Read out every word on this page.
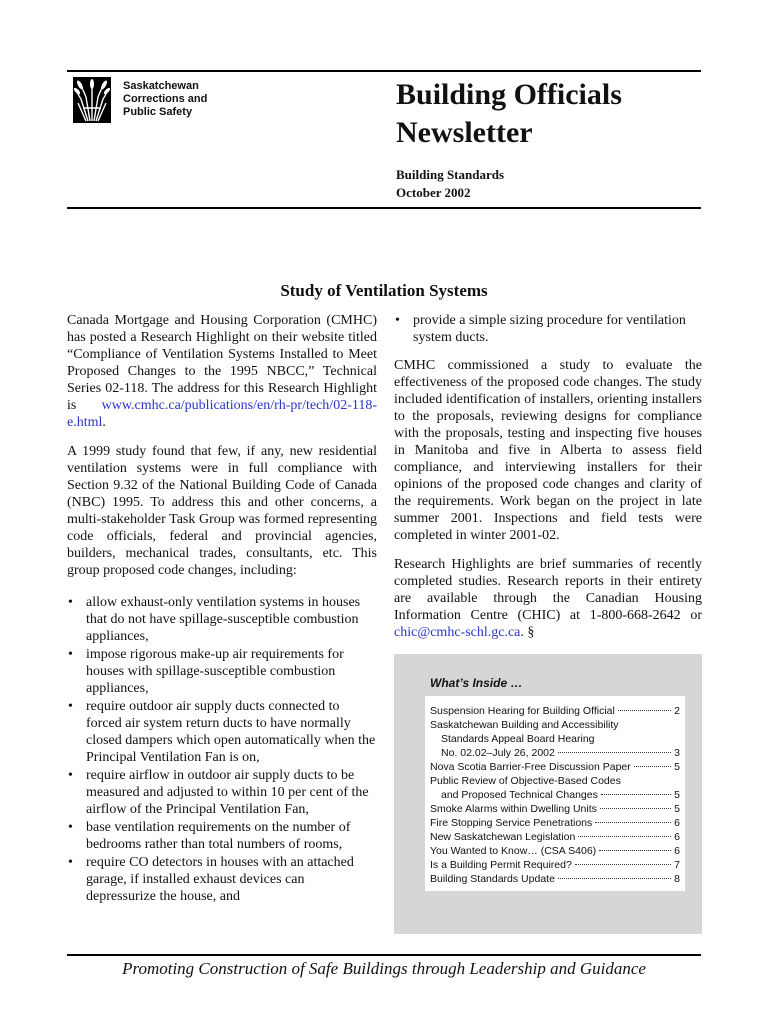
Saskatchewan
Corrections and
Public Safety
Building Officials
Newsletter
Building Standards
October 2002
Study of Ventilation Systems

Canada Mortgage and Housing Corporation (CMHC) has posted a Research Highlight on their website titled “Compliance of Ventilation Systems Installed to Meet Proposed Changes to the 1995 NBCC,” Technical Series 02-118. The address for this Research Highlight is www.cmhc.ca/publications/en/rh-pr/tech/02-118-e.html.

A 1999 study found that few, if any, new residential ventilation systems were in full compliance with Section 9.32 of the National Building Code of Canada (NBC) 1995. To address this and other concerns, a multi-stakeholder Task Group was formed representing code officials, federal and provincial agencies, builders, mechanical trades, consultants, etc. This group proposed code changes, including:

• allow exhaust-only ventilation systems in houses that do not have spillage-susceptible combustion appliances,
• impose rigorous make-up air requirements for houses with spillage-susceptible combustion appliances,
• require outdoor air supply ducts connected to forced air system return ducts to have normally closed dampers which open automatically when the Principal Ventilation Fan is on,
• require airflow in outdoor air supply ducts to be measured and adjusted to within 10 per cent of the airflow of the Principal Ventilation Fan,
• base ventilation requirements on the number of bedrooms rather than total numbers of rooms,
• require CO detectors in houses with an attached garage, if installed exhaust devices can depressurize the house, and
• provide a simple sizing procedure for ventilation system ducts.

CMHC commissioned a study to evaluate the effectiveness of the proposed code changes. The study included identification of installers, orienting installers to the proposals, reviewing designs for compliance with the proposals, testing and inspecting five houses in Manitoba and five in Alberta to assess field compliance, and interviewing installers for their opinions of the proposed code changes and clarity of the requirements. Work began on the project in late summer 2001. Inspections and field tests were completed in winter 2001-02.

Research Highlights are brief summaries of recently completed studies. Research reports in their entirety are available through the Canadian Housing Information Centre (CHIC) at 1-800-668-2642 or chic@cmhc-schl.gc.ca. §

What’s Inside …
Suspension Hearing for Building Official	2
Saskatchewan Building and Accessibility
Standards Appeal Board Hearing
No. 02.02–July 26, 2002	3
Nova Scotia Barrier-Free Discussion Paper	5
Public Review of Objective-Based Codes
and Proposed Technical Changes	5
Smoke Alarms within Dwelling Units	5
Fire Stopping Service Penetrations	6
New Saskatchewan Legislation	6
You Wanted to Know… (CSA S406)	6
Is a Building Permit Required?	7
Building Standards Update	8
Promoting Construction of Safe Buildings through Leadership and Guidance
